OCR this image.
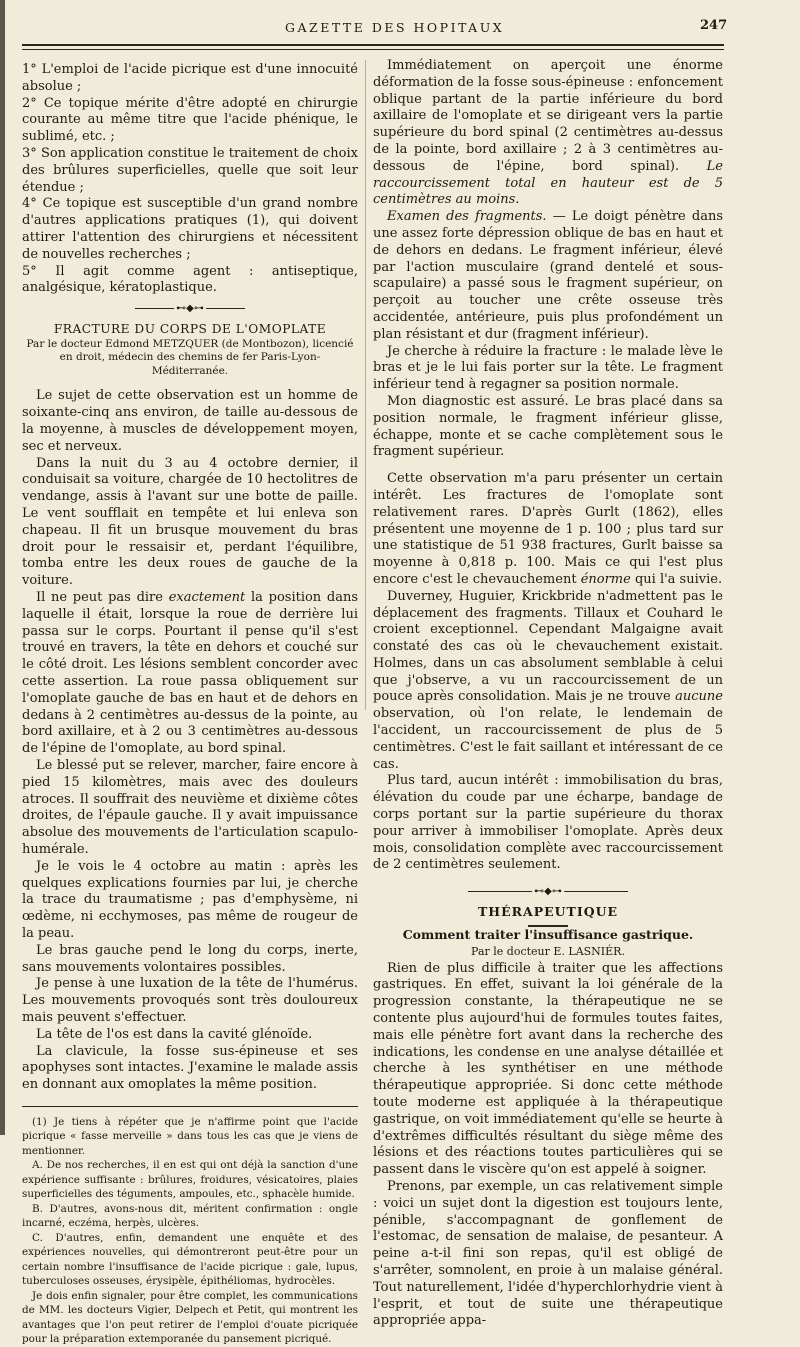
GAZETTE DES HOPITAUX	247

1° L'emploi de l'acide picrique est d'une innocuité absolue ;

2° Ce topique mérite d'être adopté en chirurgie courante au même titre que l'acide phénique, le sublimé, etc. ;

3° Son application constitue le traitement de choix des brûlures superficielles, quelle que soit leur étendue ;

4° Ce topique est susceptible d'un grand nombre d'autres applications pratiques (1), qui doivent attirer l'attention des chirurgiens et nécessitent de nouvelles recherches ;

5° Il agit comme agent : antiseptique, analgésique, kératoplastique.

⊷◆⊶

FRACTURE DU CORPS DE L'OMOPLATE

Par le docteur Edmond METZQUER (de Montbozon), licencié en droit, médecin des chemins de fer Paris-Lyon-Méditerranée.

Le sujet de cette observation est un homme de soixante-cinq ans environ, de taille au-dessous de la moyenne, à muscles de développement moyen, sec et nerveux.

Dans la nuit du 3 au 4 octobre dernier, il conduisait sa voiture, chargée de 10 hectolitres de vendange, assis à l'avant sur une botte de paille. Le vent soufflait en tempête et lui enleva son chapeau. Il fit un brusque mouvement du bras droit pour le ressaisir et, perdant l'équilibre, tomba entre les deux roues de gauche de la voiture.

Il ne peut pas dire exactement la position dans laquelle il était, lorsque la roue de derrière lui passa sur le corps. Pourtant il pense qu'il s'est trouvé en travers, la tête en dehors et couché sur le côté droit. Les lésions semblent concorder avec cette assertion. La roue passa obliquement sur l'omoplate gauche de bas en haut et de dehors en dedans à 2 centimètres au-dessus de la pointe, au bord axillaire, et à 2 ou 3 centimètres au-dessous de l'épine de l'omoplate, au bord spinal.

Le blessé put se relever, marcher, faire encore à pied 15 kilomètres, mais avec des douleurs atroces. Il souffrait des neuvième et dixième côtes droites, de l'épaule gauche. Il y avait impuissance absolue des mouvements de l'articulation scapulo-humérale.

Je le vois le 4 octobre au matin : après les quelques explications fournies par lui, je cherche la trace du traumatisme ; pas d'emphysème, ni œdème, ni ecchymoses, pas même de rougeur de la peau.

Le bras gauche pend le long du corps, inerte, sans mouvements volontaires possibles.

Je pense à une luxation de la tête de l'humérus. Les mouvements provoqués sont très douloureux mais peuvent s'effectuer.

La tête de l'os est dans la cavité glénoïde.

La clavicule, la fosse sus-épineuse et ses apophyses sont intactes. J'examine le malade assis en donnant aux omoplates la même position.

(1) Je tiens à répéter que je n'affirme point que l'acide picrique « fasse merveille » dans tous les cas que je viens de mentionner.

A. De nos recherches, il en est qui ont déjà la sanction d'une expérience suffisante : brûlures, froidures, vésicatoires, plaies superficielles des téguments, ampoules, etc., sphacèle humide.

B. D'autres, avons-nous dit, méritent confirmation : ongle incarné, eczéma, herpès, ulcères.

C. D'autres, enfin, demandent une enquête et des expériences nouvelles, qui démontreront peut-être pour un certain nombre l'insuffisance de l'acide picrique : gale, lupus, tuberculoses osseuses, érysipèle, épithéliomas, hydrocèles.

Je dois enfin signaler, pour être complet, les communications de MM. les docteurs Vigier, Delpech et Petit, qui montrent les avantages que l'on peut retirer de l'emploi d'ouate picriquée pour la préparation extemporanée du pansement picriqué.

Immédiatement on aperçoit une énorme déformation de la fosse sous-épineuse : enfoncement oblique partant de la partie inférieure du bord axillaire de l'omoplate et se dirigeant vers la partie supérieure du bord spinal (2 centimètres au-dessus de la pointe, bord axillaire ; 2 à 3 centimètres au-dessous de l'épine, bord spinal). Le raccourcissement total en hauteur est de 5 centimètres au moins.

Examen des fragments. — Le doigt pénètre dans une assez forte dépression oblique de bas en haut et de dehors en dedans. Le fragment inférieur, élevé par l'action musculaire (grand dentelé et sous-scapulaire) a passé sous le fragment supérieur, on perçoit au toucher une crête osseuse très accidentée, antérieure, puis plus profondément un plan résistant et dur (fragment inférieur).

Je cherche à réduire la fracture : le malade lève le bras et je le lui fais porter sur la tête. Le fragment inférieur tend à regagner sa position normale.

Mon diagnostic est assuré. Le bras placé dans sa position normale, le fragment inférieur glisse, échappe, monte et se cache complètement sous le fragment supérieur.

Cette observation m'a paru présenter un certain intérêt. Les fractures de l'omoplate sont relativement rares. D'après Gurlt (1862), elles présentent une moyenne de 1 p. 100 ; plus tard sur une statistique de 51 938 fractures, Gurlt baisse sa moyenne à 0,818 p. 100. Mais ce qui l'est plus encore c'est le chevauchement énorme qui l'a suivie.

Duverney, Huguier, Krickbride n'admettent pas le déplacement des fragments. Tillaux et Couhard le croient exceptionnel. Cependant Malgaigne avait constaté des cas où le chevauchement existait. Holmes, dans un cas absolument semblable à celui que j'observe, a vu un raccourcissement de un pouce après consolidation. Mais je ne trouve aucune observation, où l'on relate, le lendemain de l'accident, un raccourcissement de plus de 5 centimètres. C'est le fait saillant et intéressant de ce cas.

Plus tard, aucun intérêt : immobilisation du bras, élévation du coude par une écharpe, bandage de corps portant sur la partie supérieure du thorax pour arriver à immobiliser l'omoplate. Après deux mois, consolidation complète avec raccourcissement de 2 centimètres seulement.

⊷◆⊶

THÉRAPEUTIQUE

Comment traiter l'insuffisance gastrique.

Par le docteur E. LASNIÉR.

Rien de plus difficile à traiter que les affections gastriques. En effet, suivant la loi générale de la progression constante, la thérapeutique ne se contente plus aujourd'hui de formules toutes faites, mais elle pénètre fort avant dans la recherche des indications, les condense en une analyse détaillée et cherche à les synthétiser en une méthode thérapeutique appropriée. Si donc cette méthode toute moderne est appliquée à la thérapeutique gastrique, on voit immédiatement qu'elle se heurte à d'extrêmes difficultés résultant du siège même des lésions et des réactions toutes particulières qui se passent dans le viscère qu'on est appelé à soigner.

Prenons, par exemple, un cas relativement simple : voici un sujet dont la digestion est toujours lente, pénible, s'accompagnant de gonflement de l'estomac, de sensation de malaise, de pesanteur. A peine a-t-il fini son repas, qu'il est obligé de s'arrêter, somnolent, en proie à un malaise général. Tout naturellement, l'idée d'hyperchlorhydrie vient à l'esprit, et tout de suite une thérapeutique appropriée appa-
